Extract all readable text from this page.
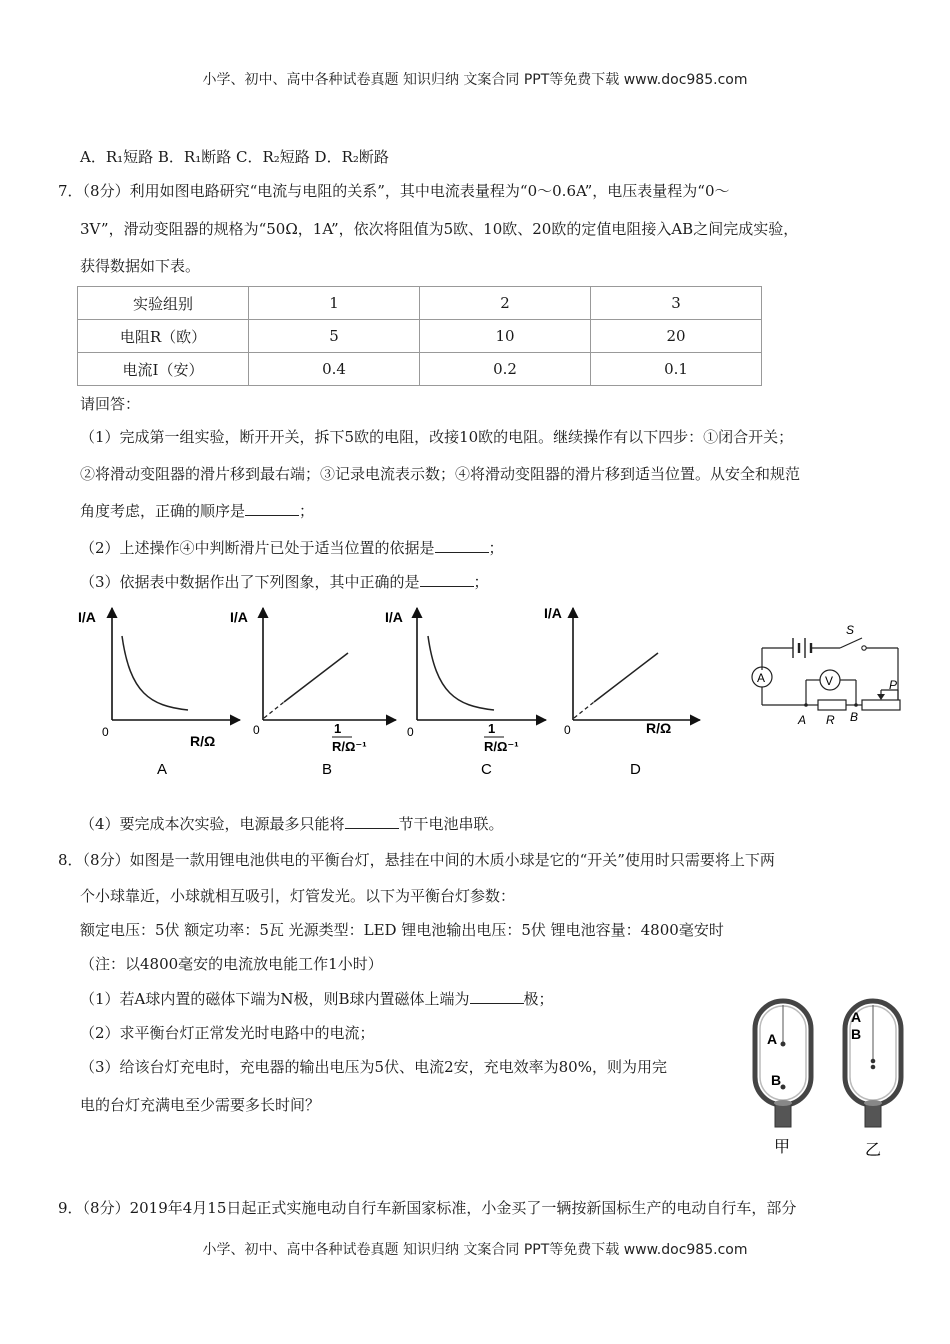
小学、初中、高中各种试卷真题 知识归纳 文案合同 PPT等免费下载 www.doc985.com
A．R₁短路 B．R₁断路 C．R₂短路 D．R₂断路
7．（8分）利用如图电路研究“电流与电阻的关系”，其中电流表量程为“0～0.6A”，电压表量程为“0～
3V”，滑动变阻器的规格为“50Ω，1A”，依次将阻值为5欧、10欧、20欧的定值电阻接入AB之间完成实验，
获得数据如下表。
实验组别	1	2	3
电阻R（欧）	5	10	20
电流I（安）	0.4	0.2	0.1
请回答：
（1）完成第一组实验，断开开关，拆下5欧的电阻，改接10欧的电阻。继续操作有以下四步：①闭合开关；
②将滑动变阻器的滑片移到最右端；③记录电流表示数；④将滑动变阻器的滑片移到适当位置。从安全和规范
角度考虑，正确的顺序是	；
（2）上述操作④中判断滑片已处于适当位置的依据是	；
（3）依据表中数据作出了下列图象，其中正确的是	；
I/A
0
R/Ω
A
I/A
0	1
R/Ω⁻¹
B
I/A
0	1
R/Ω⁻¹
C
I/A
0	R/Ω
D
S
A	V	P
A R B
（4）要完成本次实验，电源最多只能将	节干电池串联。
8．（8分）如图是一款用锂电池供电的平衡台灯，悬挂在中间的木质小球是它的“开关”使用时只需要将上下两
个小球靠近，小球就相互吸引，灯管发光。以下为平衡台灯参数：
额定电压：5伏 额定功率：5瓦 光源类型：LED 锂电池输出电压：5伏 锂电池容量：4800毫安时
（注：以4800毫安的电流放电能工作1小时）
（1）若A球内置的磁体下端为N极，则B球内置磁体上端为	极；
（2）求平衡台灯正常发光时电路中的电流；
（3）给该台灯充电时，充电器的输出电压为5伏、电流2安，充电效率为80%，则为用完
电的台灯充满电至少需要多长时间？
A
B
甲
A
B
乙
9．（8分）2019年4月15日起正式实施电动自行车新国家标准，小金买了一辆按新国标生产的电动自行车，部分
小学、初中、高中各种试卷真题 知识归纳 文案合同 PPT等免费下载 www.doc985.com
